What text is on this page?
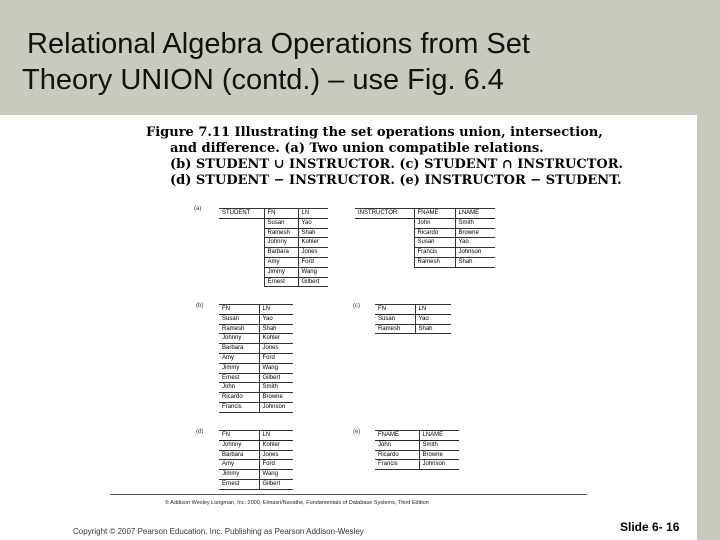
Relational Algebra Operations from Set
Theory UNION (contd.) – use Fig. 6.4
Figure 7.11 Illustrating the set operations union, intersection,
and difference. (a) Two union compatible relations.
(b) STUDENT ∪ INSTRUCTOR. (c) STUDENT ∩ INSTRUCTOR.
(d) STUDENT − INSTRUCTOR. (e) INSTRUCTOR − STUDENT.
(a)
(b)	(c)
(d)	(e)
STUDENT	FN	LN
	Susan	Yao
	Ramesh	Shah
	Johnny	Kohler
	Barbara	Jones
	Amy	Ford
	Jimmy	Wang
	Ernest	Gilbert
INSTRUCTOR	FNAME	LNAME
	John	Smith
	Ricardo	Browne
	Susan	Yao
	Francis	Johnson
	Ramesh	Shah
FN	LN
Susan	Yao
Ramesh	Shah
Johnny	Kohler
Barbara	Jones
Amy	Ford
Jimmy	Wang
Ernest	Gilbert
John	Smith
Ricardo	Browne
Francis	Johnson
FN	LN
Susan	Yao
Ramesh	Shah
FN	LN
Johnny	Kohler
Barbara	Jones
Amy	Ford
Jimmy	Wang
Ernest	Gilbert
FNAME	LNAME
John	Smith
Ricardo	Browne
Francis	Johnson
© Addison Wesley Longman, Inc. 2000, Elmasri/Navathe, Fundamentals of Database Systems, Third Edition
Copyright © 2007 Pearson Education, Inc. Publishing as Pearson Addison-Wesley	Slide 6- 16
